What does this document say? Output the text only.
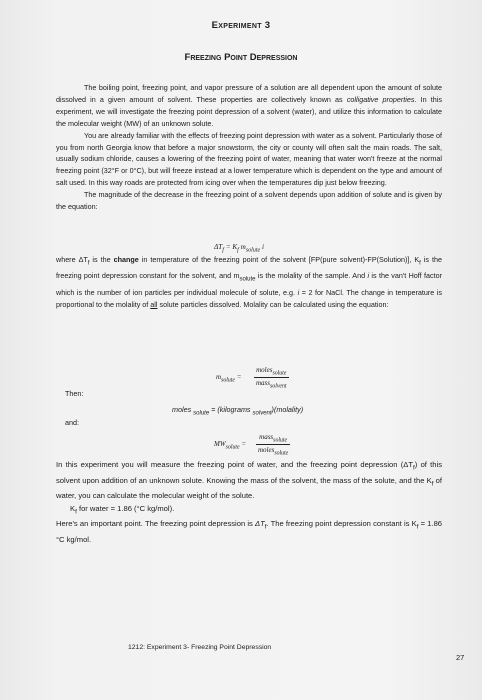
Experiment 3
Freezing Point Depression

The boiling point, freezing point, and vapor pressure of a solution are all dependent upon the amount of solute dissolved in a given amount of solvent. These properties are collectively known as colligative properties. In this experiment, we will investigate the freezing point depression of a solvent (water), and utilize this information to calculate the molecular weight (MW) of an unknown solute.

You are already familiar with the effects of freezing point depression with water as a solvent. Particularly those of you from north Georgia know that before a major snowstorm, the city or county will often salt the main roads. The salt, usually sodium chloride, causes a lowering of the freezing point of water, meaning that water won't freeze at the normal freezing point (32°F or 0°C), but will freeze instead at a lower temperature which is dependent on the type and amount of salt used. In this way roads are protected from icing over when the temperatures dip just below freezing.

The magnitude of the decrease in the freezing point of a solvent depends upon addition of solute and is given by the equation:

$\Delta T_f = K_f$ $m_{solute}$ i

where $\Delta T_f$ is the change in temperature of the freezing point of the solvent [FP(pure solvent)-FP(Solution)], $K_f$ is the freezing point depression constant for the solvent, and $m_{solute}$ is the molality of the sample. And i is the van't Hoff factor which is the number of ion particles per individual molecule of solute, e.g. i = 2 for NaCl. The change in temperature is proportional to the molality of all solute particles dissolved. Molality can be calculated using the equation:

$m_{solute}$ =
moles$_{solute}$
mass$_{solvent}$
Then:
moles $_{solute}$ = (kilograms $_{solvent}$)(molality)
and:
$MW_{solute}$ =
mass$_{solute}$
moles$_{solute}$

In this experiment you will measure the freezing point of water, and the freezing point depression $(\Delta T_f)$ of this solvent upon addition of an unknown solute. Knowing the mass of the solvent, the mass of the solute, and the $K_f$ of water, you can calculate the molecular weight of the solute.

$K_f$ for water = 1.86 (°C kg/mol).

Here's an important point. The freezing point depression is $\Delta T_f$. The freezing point depression constant is $K_f = 1.86$ °C kg/mol.

1212: Experiment 3- Freezing Point Depression
27
